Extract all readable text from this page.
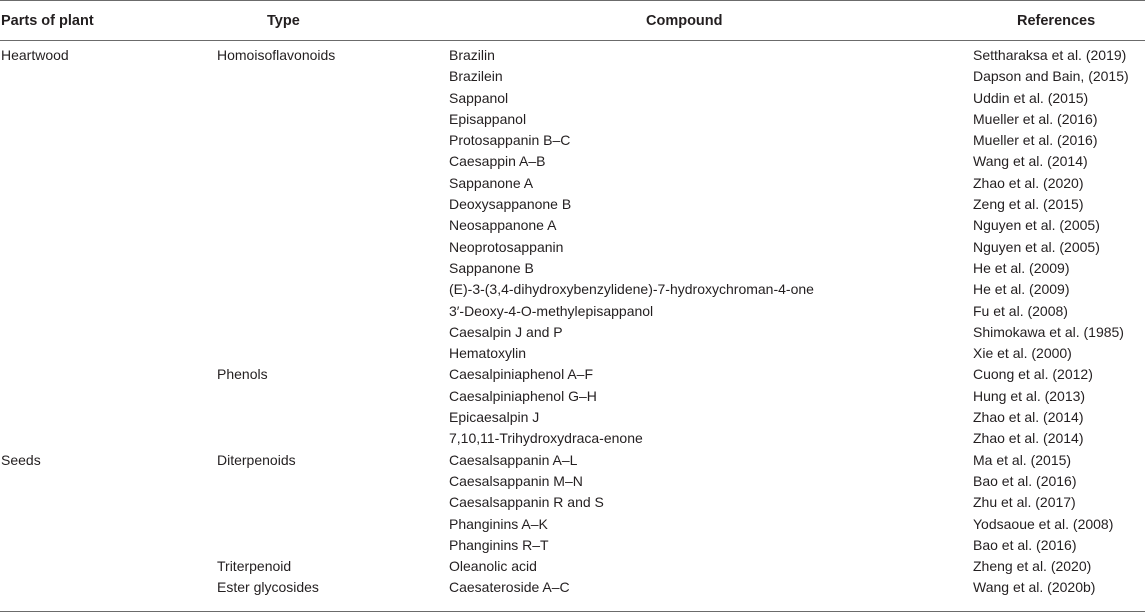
Parts of plant	Type	Compound	References
Heartwood	Homoisoflavonoids	Brazilin	Settharaksa et al. (2019)
		Brazilein	Dapson and Bain, (2015)
		Sappanol	Uddin et al. (2015)
		Episappanol	Mueller et al. (2016)
		Protosappanin B–C	Mueller et al. (2016)
		Caesappin A–B	Wang et al. (2014)
		Sappanone A	Zhao et al. (2020)
		Deoxysappanone B	Zeng et al. (2015)
		Neosappanone A	Nguyen et al. (2005)
		Neoprotosappanin	Nguyen et al. (2005)
		Sappanone B	He et al. (2009)
		(E)-3-(3,4-dihydroxybenzylidene)-7-hydroxychroman-4-one	He et al. (2009)
		3′-Deoxy-4-O-methylepisappanol	Fu et al. (2008)
		Caesalpin J and P	Shimokawa et al. (1985)
		Hematoxylin	Xie et al. (2000)
	Phenols	Caesalpiniaphenol A–F	Cuong et al. (2012)
		Caesalpiniaphenol G–H	Hung et al. (2013)
		Epicaesalpin J	Zhao et al. (2014)
		7,10,11-Trihydroxydraca-enone	Zhao et al. (2014)
Seeds	Diterpenoids	Caesalsappanin A–L	Ma et al. (2015)
		Caesalsappanin M–N	Bao et al. (2016)
		Caesalsappanin R and S	Zhu et al. (2017)
		Phanginins A–K	Yodsaoue et al. (2008)
		Phanginins R–T	Bao et al. (2016)
	Triterpenoid	Oleanolic acid	Zheng et al. (2020)
	Ester glycosides	Caesateroside A–C	Wang et al. (2020b)
